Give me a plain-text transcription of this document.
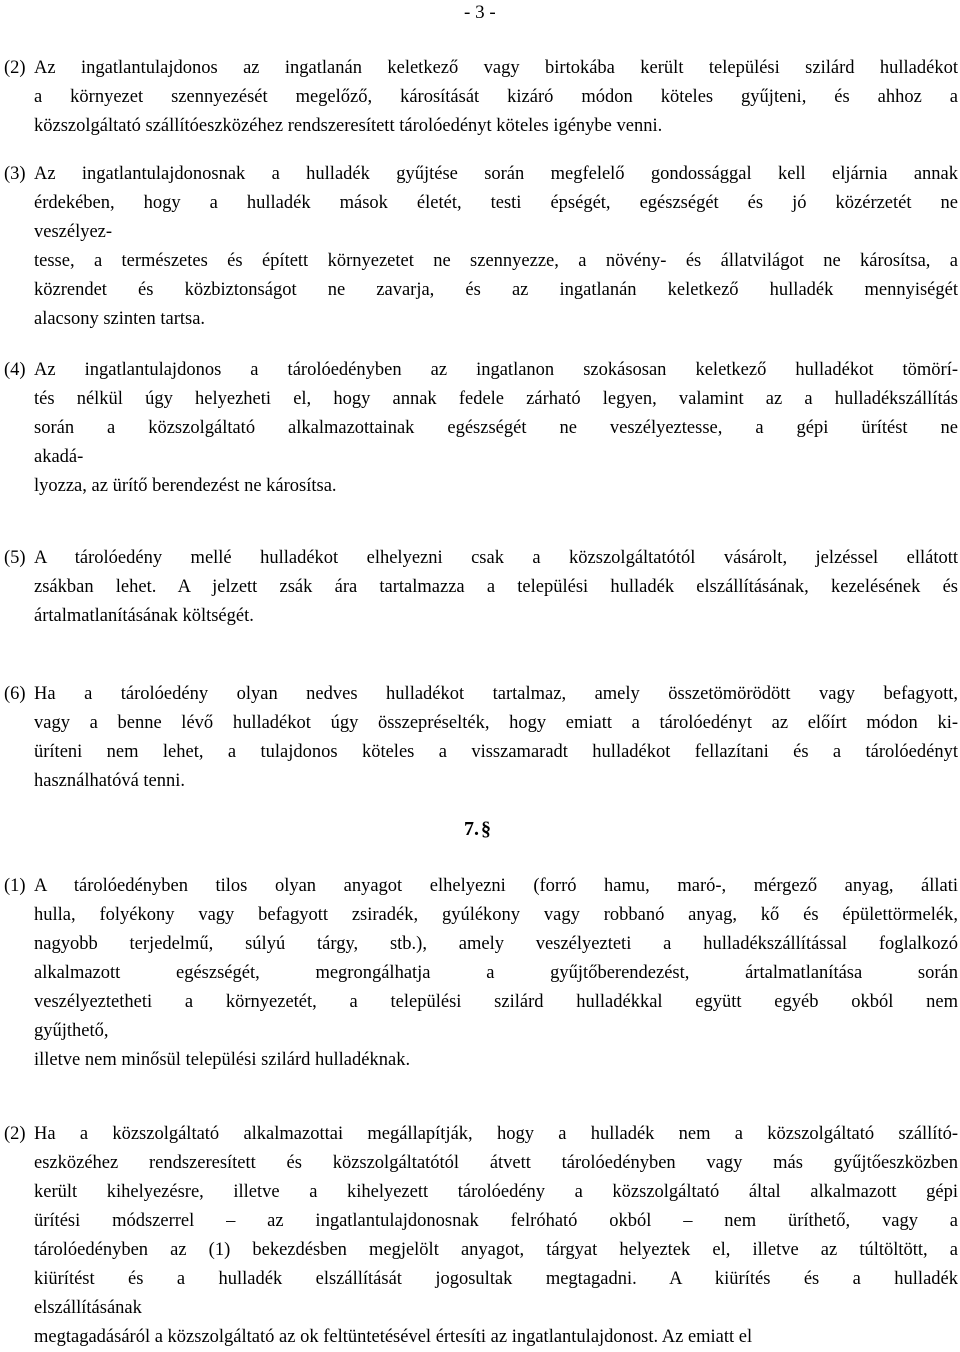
- 3 -
(2) Az ingatlantulajdonos az ingatlanán keletkező vagy birtokába került települési szilárd hulladékot
a környezet szennyezését megelőző, károsítását kizáró módon köteles gyűjteni, és ahhoz a
közszolgáltató szállítóeszközéhez rendszeresített tárolóedényt köteles igénybe venni.
(3) Az ingatlantulajdonosnak a hulladék gyűjtése során megfelelő gondossággal kell eljárnia annak
érdekében, hogy a hulladék mások életét, testi épségét, egészségét és jó közérzetét ne
veszélyez-
tesse, a természetes és épített környezetet ne szennyezze, a növény- és állatvilágot ne károsítsa, a
közrendet és közbiztonságot ne zavarja, és az ingatlanán keletkező hulladék mennyiségét
alacsony szinten tartsa.
(4) Az ingatlantulajdonos a tárolóedényben az ingatlanon szokásosan keletkező hulladékot tömörí-
tés nélkül úgy helyezheti el, hogy annak fedele zárható legyen, valamint az a hulladékszállítás
során a közszolgáltató alkalmazottainak egészségét ne veszélyeztesse, a gépi ürítést ne
akadá-
lyozza, az ürítő berendezést ne károsítsa.
(5) A tárolóedény mellé hulladékot elhelyezni csak a közszolgáltatótól vásárolt, jelzéssel ellátott
zsákban lehet. A jelzett zsák ára tartalmazza a települési hulladék elszállításának, kezelésének és
ártalmatlanításának költségét.
(6) Ha a tárolóedény olyan nedves hulladékot tartalmaz, amely összetömörödött vagy befagyott,
vagy a benne lévő hulladékot úgy összepréselték, hogy emiatt a tárolóedényt az előírt módon ki-
üríteni nem lehet, a tulajdonos köteles a visszamaradt hulladékot fellazítani és a tárolóedényt
használhatóvá tenni.
(1) A tárolóedényben tilos olyan anyagot elhelyezni (forró hamu, maró-, mérgező anyag, állati
hulla, folyékony vagy befagyott zsiradék, gyúlékony vagy robbanó anyag, kő és épülettörmelék,
nagyobb terjedelmű, súlyú tárgy, stb.), amely veszélyezteti a hulladékszállítással foglalkozó
alkalmazott egészségét, megrongálhatja a gyűjtőberendezést, ártalmatlanítása során
veszélyeztetheti a környezetét, a települési szilárd hulladékkal együtt egyéb okból nem
gyűjthető,
illetve nem minősül települési szilárd hulladéknak.
(2) Ha a közszolgáltató alkalmazottai megállapítják, hogy a hulladék nem a közszolgáltató szállító-
eszközéhez rendszeresített és közszolgáltatótól átvett tárolóedényben vagy más gyűjtőeszközben
került kihelyezésre, illetve a kihelyezett tárolóedény a közszolgáltató által alkalmazott gépi
ürítési módszerrel – az ingatlantulajdonosnak felróható okból – nem üríthető, vagy a
tárolóedényben az (1) bekezdésben megjelölt anyagot, tárgyat helyeztek el, illetve az túltöltött, a
kiürítést és a hulladék elszállítását jogosultak megtagadni. A kiürítés és a hulladék
elszállításának
megtagadásáról a közszolgáltató az ok feltüntetésével értesíti az ingatlantulajdonost. Az emiatt el
7. §
